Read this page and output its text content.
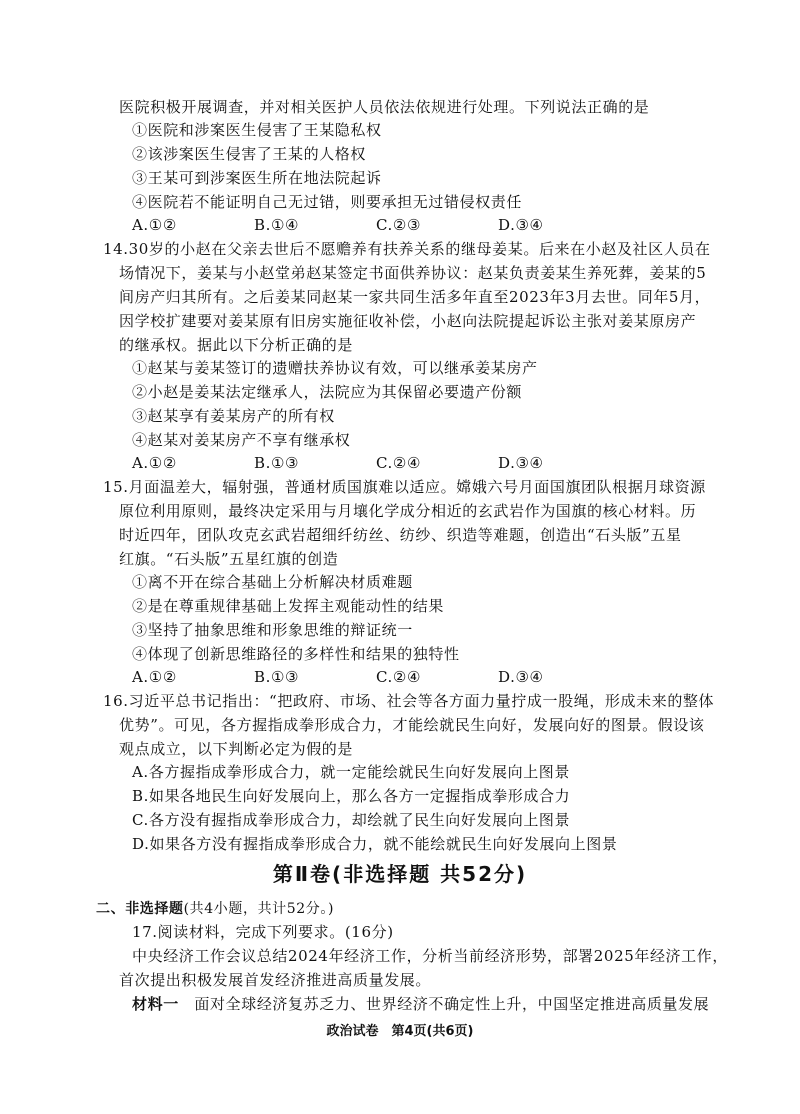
医院积极开展调查，并对相关医护人员依法依规进行处理。下列说法正确的是
①医院和涉案医生侵害了王某隐私权
②该涉案医生侵害了王某的人格权
③王某可到涉案医生所在地法院起诉
④医院若不能证明自己无过错，则要承担无过错侵权责任
A.①②	B.①④	C.②③	D.③④
14.30岁的小赵在父亲去世后不愿赡养有扶养关系的继母姜某。后来在小赵及社区人员在
场情况下，姜某与小赵堂弟赵某签定书面供养协议：赵某负责姜某生养死葬，姜某的5
间房产归其所有。之后姜某同赵某一家共同生活多年直至2023年3月去世。同年5月，
因学校扩建要对姜某原有旧房实施征收补偿，小赵向法院提起诉讼主张对姜某原房产
的继承权。据此以下分析正确的是
①赵某与姜某签订的遗赠扶养协议有效，可以继承姜某房产
②小赵是姜某法定继承人，法院应为其保留必要遗产份额
③赵某享有姜某房产的所有权
④赵某对姜某房产不享有继承权
A.①②	B.①③	C.②④	D.③④
15.月面温差大，辐射强，普通材质国旗难以适应。嫦娥六号月面国旗团队根据月球资源
原位利用原则，最终决定采用与月壤化学成分相近的玄武岩作为国旗的核心材料。历
时近四年，团队攻克玄武岩超细纤纺丝、纺纱、织造等难题，创造出“石头版”五星
红旗。“石头版”五星红旗的创造
①离不开在综合基础上分析解决材质难题
②是在尊重规律基础上发挥主观能动性的结果
③坚持了抽象思维和形象思维的辩证统一
④体现了创新思维路径的多样性和结果的独特性
A.①②	B.①③	C.②④	D.③④
16.习近平总书记指出：“把政府、市场、社会等各方面力量拧成一股绳，形成未来的整体
优势”。可见，各方握指成拳形成合力，才能绘就民生向好，发展向好的图景。假设该
观点成立，以下判断必定为假的是
A.各方握指成拳形成合力，就一定能绘就民生向好发展向上图景
B.如果各地民生向好发展向上，那么各方一定握指成拳形成合力
C.各方没有握指成拳形成合力，却绘就了民生向好发展向上图景
D.如果各方没有握指成拳形成合力，就不能绘就民生向好发展向上图景
第Ⅱ卷(非选择题 共52分)
二、非选择题(共4小题，共计52分。)
17.阅读材料，完成下列要求。(16分)
中央经济工作会议总结2024年经济工作，分析当前经济形势，部署2025年经济工作，
首次提出积极发展首发经济推进高质量发展。
材料一　 面对全球经济复苏乏力、世界经济不确定性上升，中国坚定推进高质量发展
政治试卷　第4页(共6页)
